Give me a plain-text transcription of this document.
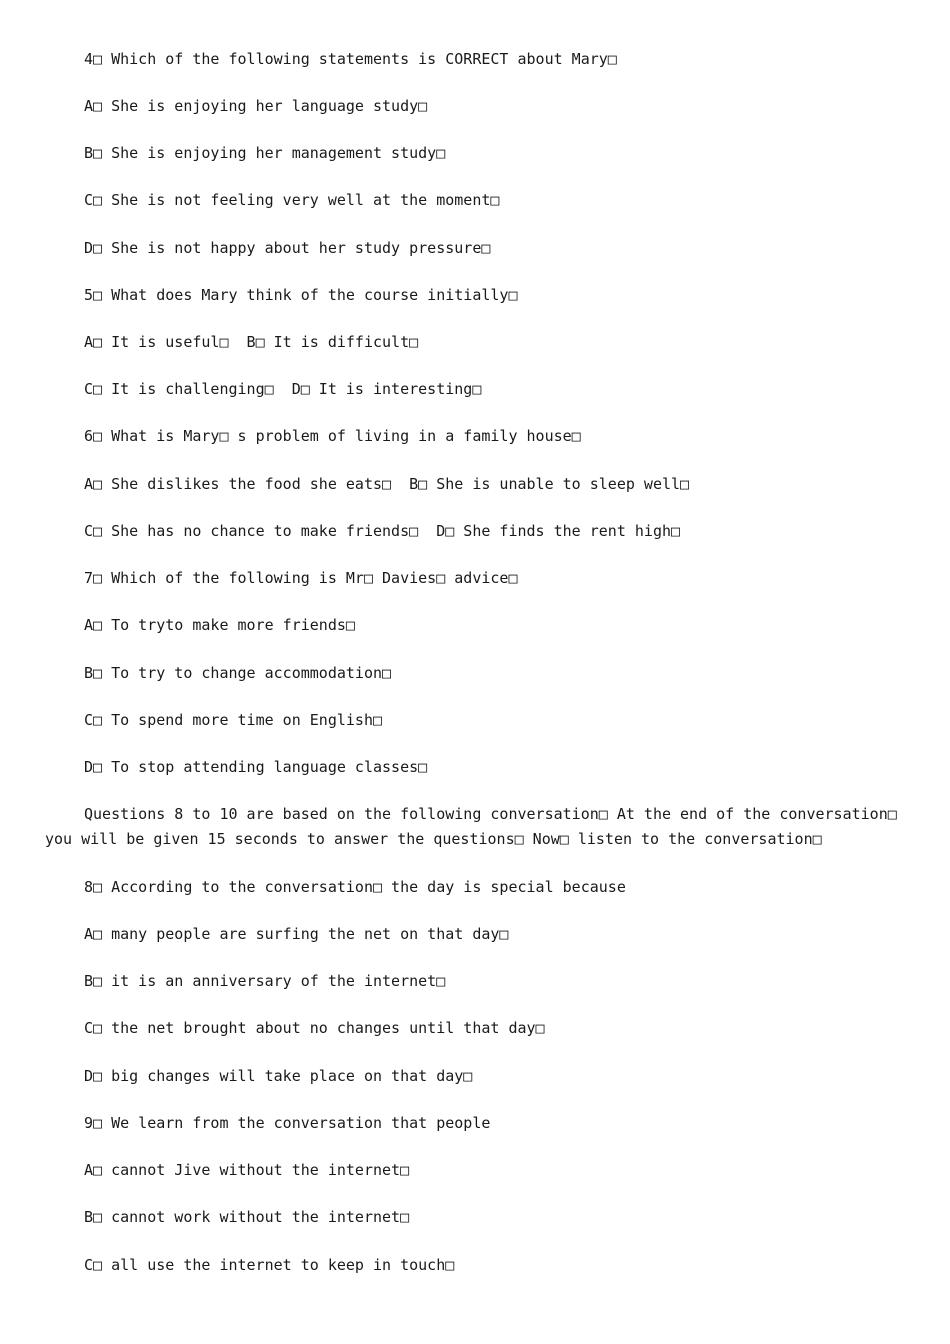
4□ Which of the following statements is CORRECT about Mary□
A□ She is enjoying her language study□
B□ She is enjoying her management study□
C□ She is not feeling very well at the moment□
D□ She is not happy about her study pressure□
5□ What does Mary think of the course initially□
A□ It is useful□  B□ It is difficult□
C□ It is challenging□  D□ It is interesting□
6□ What is Mary□ s problem of living in a family house□
A□ She dislikes the food she eats□  B□ She is unable to sleep well□
C□ She has no chance to make friends□  D□ She finds the rent high□
7□ Which of the following is Mr□ Davies□ advice□
A□ To tryto make more friends□
B□ To try to change accommodation□
C□ To spend more time on English□
D□ To stop attending language classes□
Questions 8 to 10 are based on the following conversation□ At the end of the conversation□ you will be given 15 seconds to answer the questions□ Now□ listen to the conversation□
8□ According to the conversation□ the day is special because
A□ many people are surfing the net on that day□
B□ it is an anniversary of the internet□
C□ the net brought about no changes until that day□
D□ big changes will take place on that day□
9□ We learn from the conversation that people
A□ cannot Jive without the internet□
B□ cannot work without the internet□
C□ all use the internet to keep in touch□
